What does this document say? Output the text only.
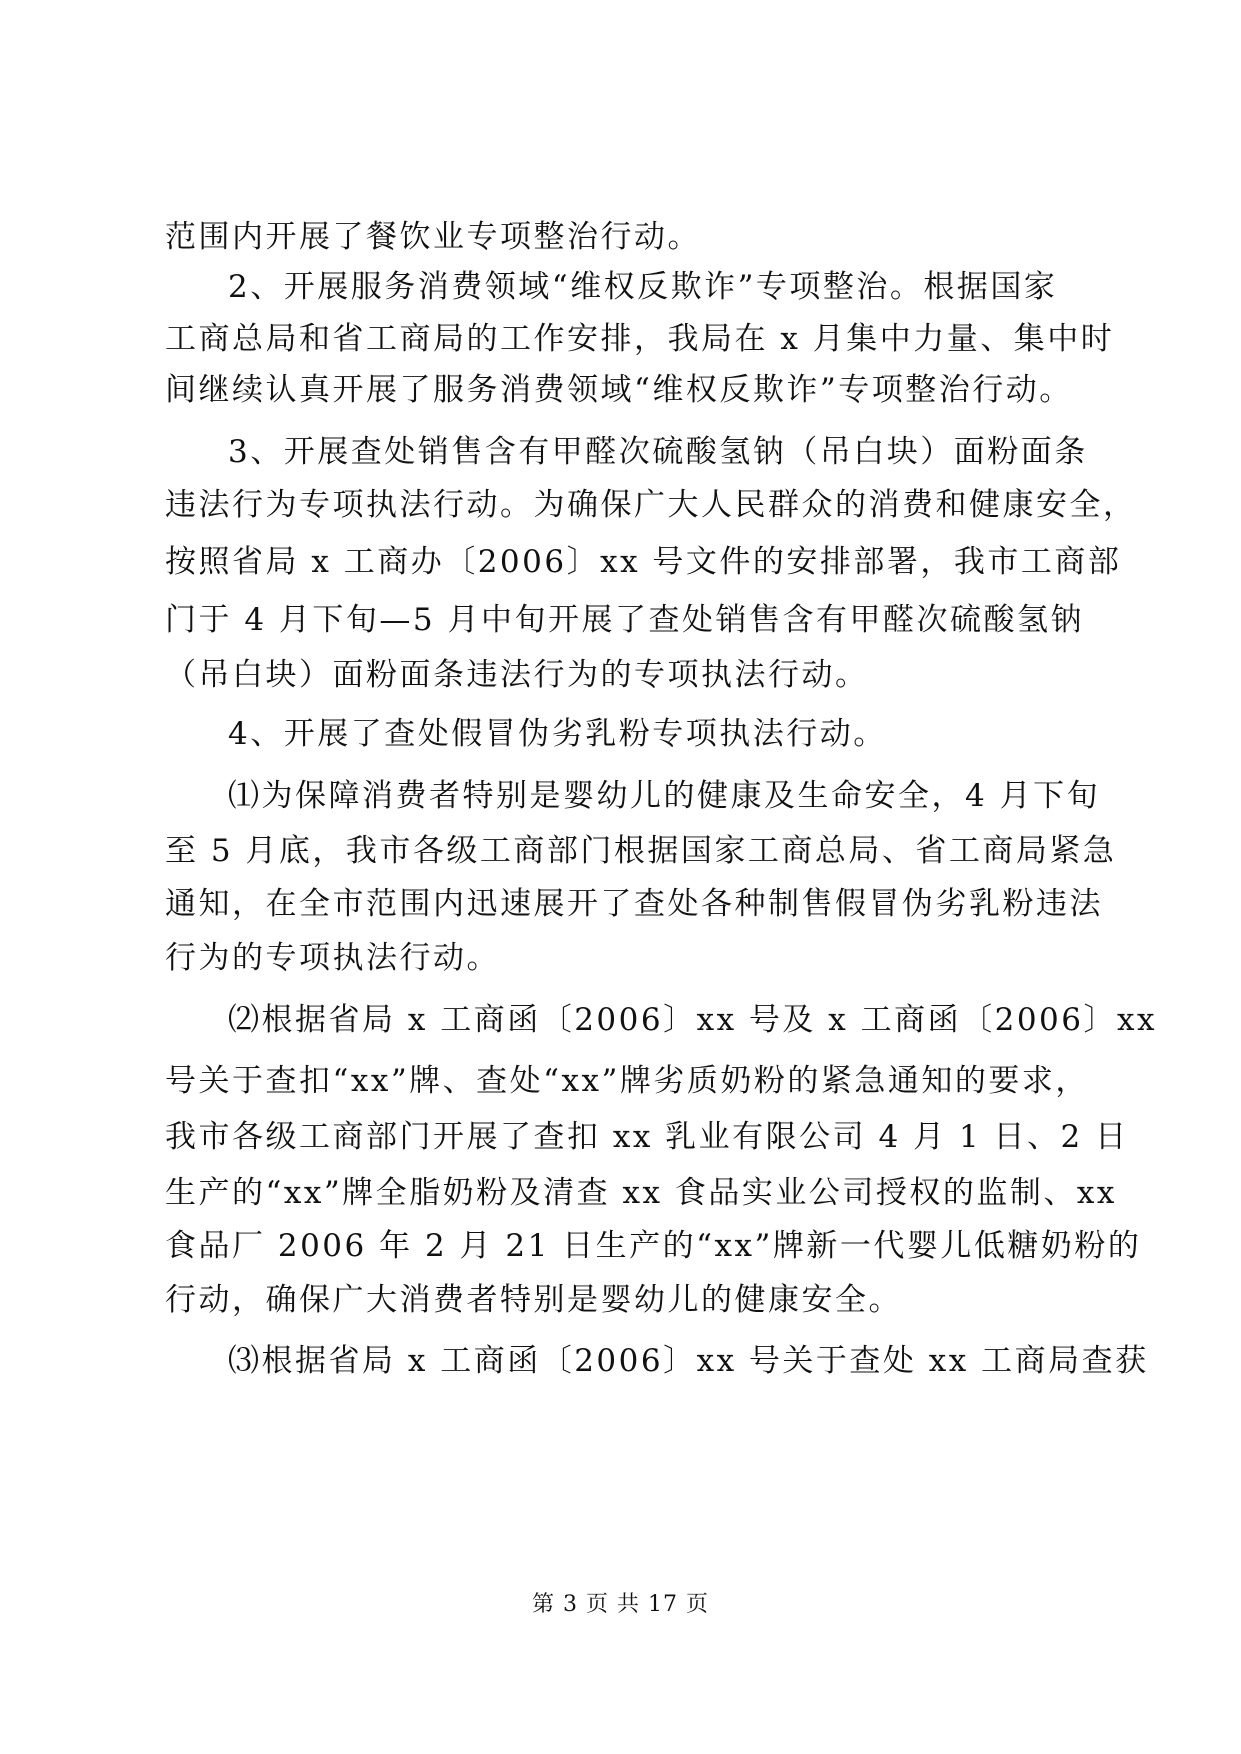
范围内开展了餐饮业专项整治行动。
2、开展服务消费领域“维权反欺诈”专项整治。根据国家
工商总局和省工商局的工作安排，我局在 x 月集中力量、集中时
间继续认真开展了服务消费领域“维权反欺诈”专项整治行动。
3、开展查处销售含有甲醛次硫酸氢钠（吊白块）面粉面条
违法行为专项执法行动。为确保广大人民群众的消费和健康安全，
按照省局 x 工商办〔2006〕xx 号文件的安排部署，我市工商部
门于 4 月下旬—5 月中旬开展了查处销售含有甲醛次硫酸氢钠
（吊白块）面粉面条违法行为的专项执法行动。
4、开展了查处假冒伪劣乳粉专项执法行动。
⑴为保障消费者特别是婴幼儿的健康及生命安全，4 月下旬
至 5 月底，我市各级工商部门根据国家工商总局、省工商局紧急
通知，在全市范围内迅速展开了查处各种制售假冒伪劣乳粉违法
行为的专项执法行动。
⑵根据省局 x 工商函〔2006〕xx 号及 x 工商函〔2006〕xx
号关于查扣“xx”牌、查处“xx”牌劣质奶粉的紧急通知的要求，
我市各级工商部门开展了查扣 xx 乳业有限公司 4 月 1 日、2 日
生产的“xx”牌全脂奶粉及清查 xx 食品实业公司授权的监制、xx
食品厂 2006 年 2 月 21 日生产的“xx”牌新一代婴儿低糖奶粉的
行动，确保广大消费者特别是婴幼儿的健康安全。
⑶根据省局 x 工商函〔2006〕xx 号关于查处 xx 工商局查获
第 3 页 共 17 页
